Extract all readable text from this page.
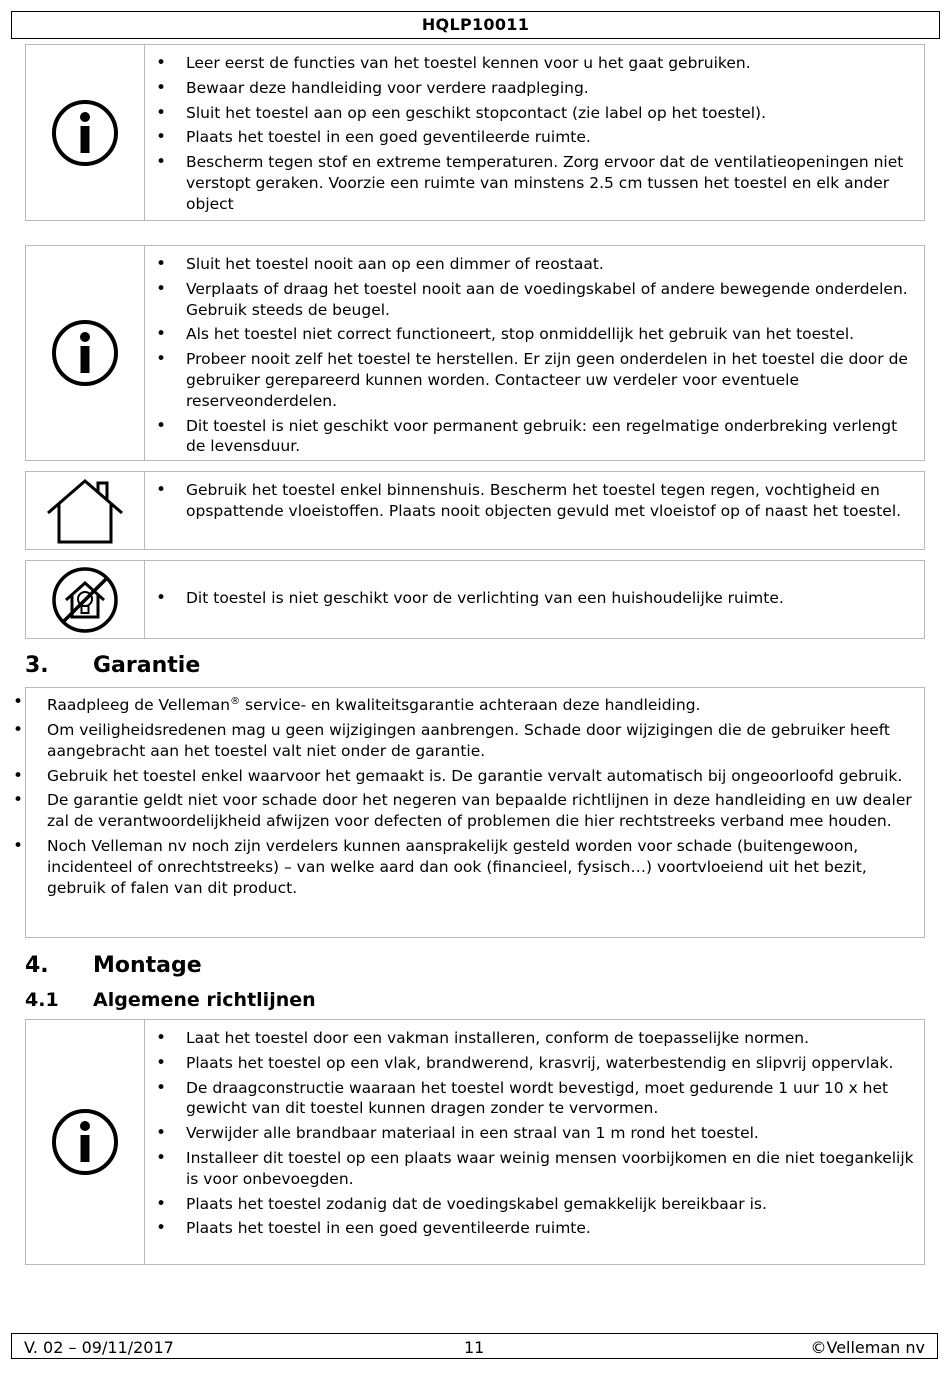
HQLP10011
• Leer eerst de functies van het toestel kennen voor u het gaat gebruiken.
• Bewaar deze handleiding voor verdere raadpleging.
• Sluit het toestel aan op een geschikt stopcontact (zie label op het toestel).
• Plaats het toestel in een goed geventileerde ruimte.
• Bescherm tegen stof en extreme temperaturen. Zorg ervoor dat de ventilatieopeningen niet verstopt geraken. Voorzie een ruimte van minstens 2.5 cm tussen het toestel en elk ander object
• Sluit het toestel nooit aan op een dimmer of reostaat.
• Verplaats of draag het toestel nooit aan de voedingskabel of andere bewegende onderdelen. Gebruik steeds de beugel.
• Als het toestel niet correct functioneert, stop onmiddellijk het gebruik van het toestel.
• Probeer nooit zelf het toestel te herstellen. Er zijn geen onderdelen in het toestel die door de gebruiker gerepareerd kunnen worden. Contacteer uw verdeler voor eventuele reserveonderdelen.
• Dit toestel is niet geschikt voor permanent gebruik: een regelmatige onderbreking verlengt de levensduur.
• Gebruik het toestel enkel binnenshuis. Bescherm het toestel tegen regen, vochtigheid en opspattende vloeistoffen. Plaats nooit objecten gevuld met vloeistof op of naast het toestel.
• Dit toestel is niet geschikt voor de verlichting van een huishoudelijke ruimte.
3. Garantie
• Raadpleeg de Velleman® service- en kwaliteitsgarantie achteraan deze handleiding.
• Om veiligheidsredenen mag u geen wijzigingen aanbrengen. Schade door wijzigingen die de gebruiker heeft aangebracht aan het toestel valt niet onder de garantie.
• Gebruik het toestel enkel waarvoor het gemaakt is. De garantie vervalt automatisch bij ongeoorloofd gebruik.
• De garantie geldt niet voor schade door het negeren van bepaalde richtlijnen in deze handleiding en uw dealer zal de verantwoordelijkheid afwijzen voor defecten of problemen die hier rechtstreeks verband mee houden.
• Noch Velleman nv noch zijn verdelers kunnen aansprakelijk gesteld worden voor schade (buitengewoon, incidenteel of onrechtstreeks) – van welke aard dan ook (financieel, fysisch…) voortvloeiend uit het bezit, gebruik of falen van dit product.
4. Montage
4.1 Algemene richtlijnen
• Laat het toestel door een vakman installeren, conform de toepasselijke normen.
• Plaats het toestel op een vlak, brandwerend, krasvrij, waterbestendig en slipvrij oppervlak.
• De draagconstructie waaraan het toestel wordt bevestigd, moet gedurende 1 uur 10 x het gewicht van dit toestel kunnen dragen zonder te vervormen.
• Verwijder alle brandbaar materiaal in een straal van 1 m rond het toestel.
• Installeer dit toestel op een plaats waar weinig mensen voorbijkomen en die niet toegankelijk is voor onbevoegden.
• Plaats het toestel zodanig dat de voedingskabel gemakkelijk bereikbaar is.
• Plaats het toestel in een goed geventileerde ruimte.
V. 02 – 09/11/2017	11	©Velleman nv
